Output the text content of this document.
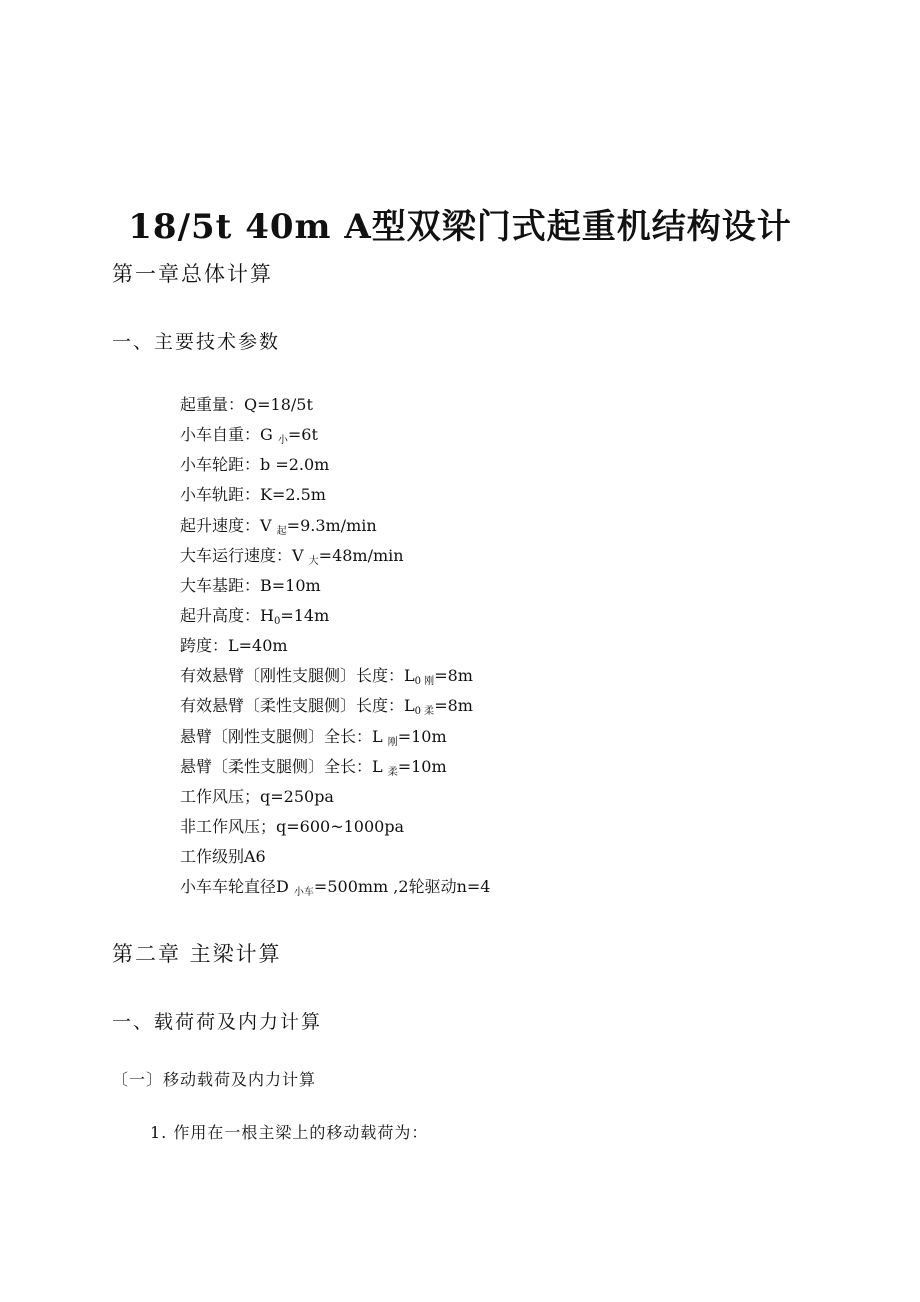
18/5t 40m A型双梁门式起重机结构设计
第一章总体计算
一、主要技术参数
起重量：Q=18/5t
小车自重：G $_小$=6t
小车轮距：b =2.0m
小车轨距：K=2.5m
起升速度：V $_起$=9.3m/min
大车运行速度：V $_大$=48m/min
大车基距：B=10m
起升高度：$H_0=14m$
跨度：L=40m
有效悬臂〔刚性支腿侧〕长度：$L_{0 刚}=8m$
有效悬臂〔柔性支腿侧〕长度：$L_{0 柔}=8m$
悬臂〔刚性支腿侧〕全长：L $_刚$=10m
悬臂〔柔性支腿侧〕全长：L $_柔$=10m
工作风压；q=250pa
非工作风压；q=600~1000pa
工作级别A6
小车车轮直径D $_{小车}$=500mm ,2轮驱动n=4
第二章 主梁计算
一、载荷荷及内力计算
〔一〕移动载荷及内力计算
1. 作用在一根主梁上的移动载荷为：
